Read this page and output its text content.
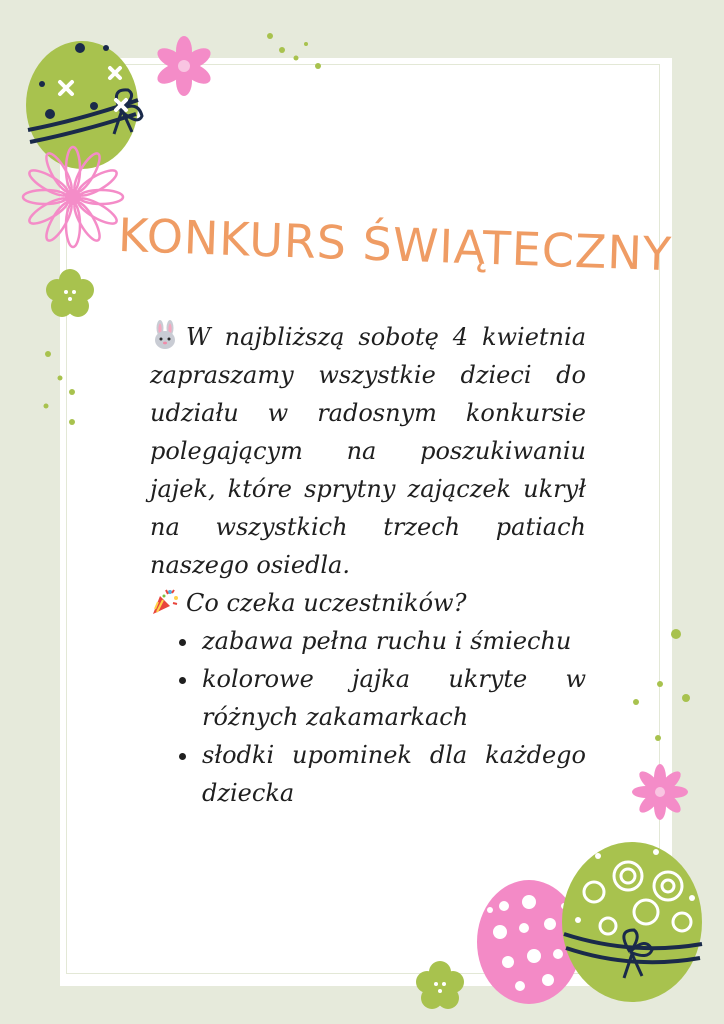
KONKURS ŚWIĄTECZNY

W najbliższą sobotę 4 kwietnia zapraszamy wszystkie dzieci do udziału w radosnym konkursie polegającym na poszukiwaniu jajek, które sprytny zajączek ukrył na wszystkich trzech patiach naszego osiedla.

Co czeka uczestników?

• zabawa pełna ruchu i śmiechu
• kolorowe jajka ukryte w różnych zakamarkach
• słodki upominek dla każdego dziecka
